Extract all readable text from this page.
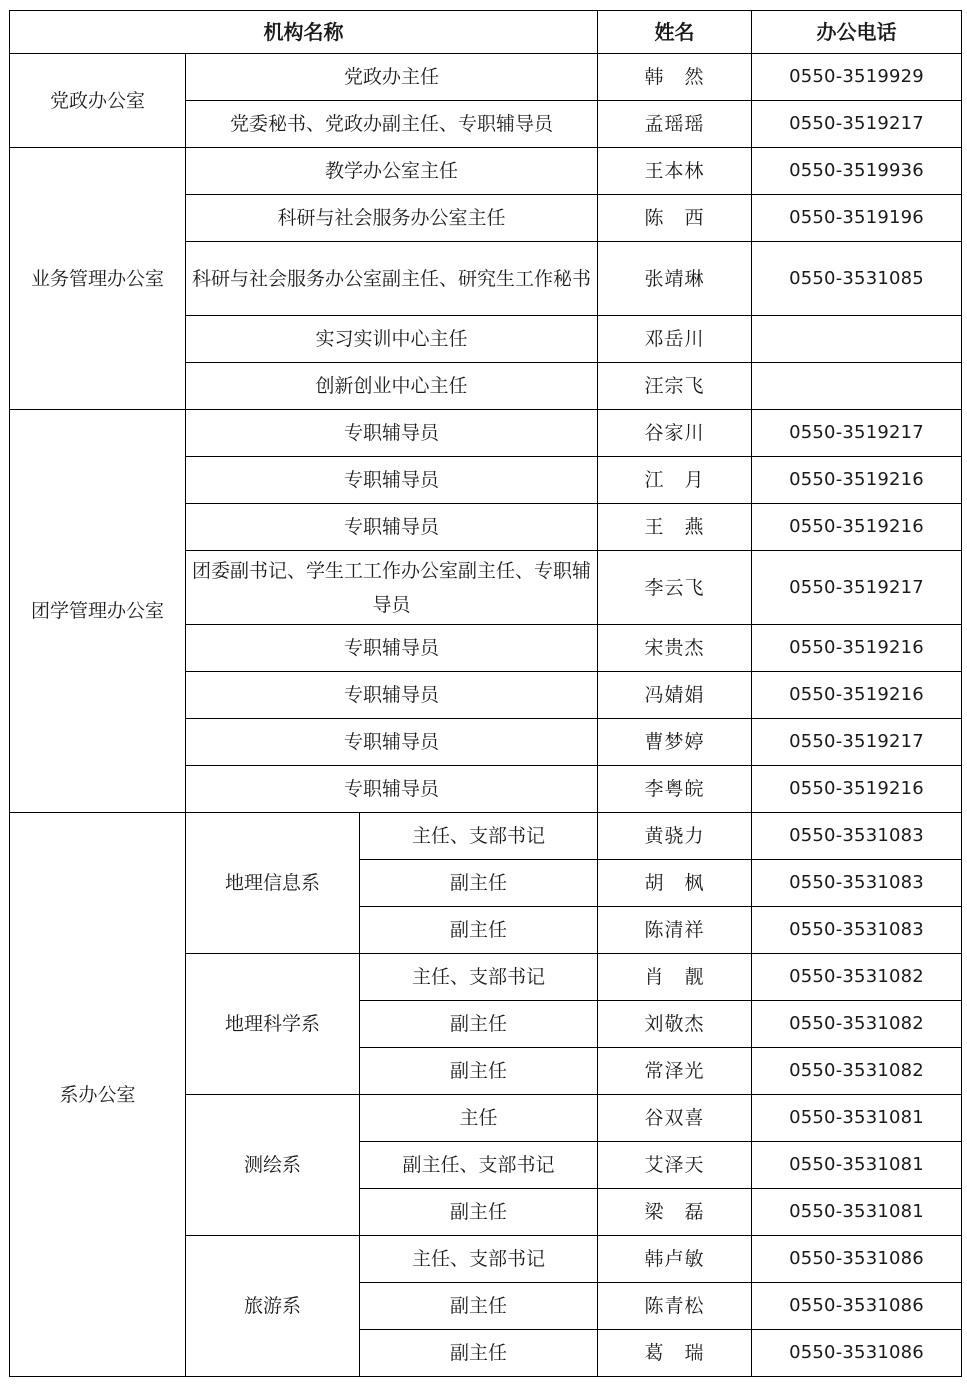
机构名称			姓名	办公电话
党政办公室	党政办主任		韩　然	0550-3519929
	党委秘书、党政办副主任、专职辅导员		孟瑶瑶	0550-3519217
业务管理办公室	教学办公室主任		王本林	0550-3519936
	科研与社会服务办公室主任		陈　西	0550-3519196
	科研与社会服务办公室副主任、研究生工作秘书		张靖琳	0550-3531085
	实习实训中心主任		邓岳川	
	创新创业中心主任		汪宗飞	
团学管理办公室	专职辅导员		谷家川	0550-3519217
	专职辅导员		江　月	0550-3519216
	专职辅导员		王　燕	0550-3519216
	团委副书记、学生工工作办公室副主任、专职辅导员		李云飞	0550-3519217
	专职辅导员		宋贵杰	0550-3519216
	专职辅导员		冯婧娟	0550-3519216
	专职辅导员		曹梦婷	0550-3519217
	专职辅导员		李粤皖	0550-3519216
系办公室	地理信息系	主任、支部书记	黄骁力	0550-3531083
		副主任	胡　枫	0550-3531083
		副主任	陈清祥	0550-3531083
	地理科学系	主任、支部书记	肖　靓	0550-3531082
		副主任	刘敬杰	0550-3531082
		副主任	常泽光	0550-3531082
	测绘系	主任	谷双喜	0550-3531081
		副主任、支部书记	艾泽天	0550-3531081
		副主任	梁　磊	0550-3531081
	旅游系	主任、支部书记	韩卢敏	0550-3531086
		副主任	陈青松	0550-3531086
		副主任	葛　瑞	0550-3531086
